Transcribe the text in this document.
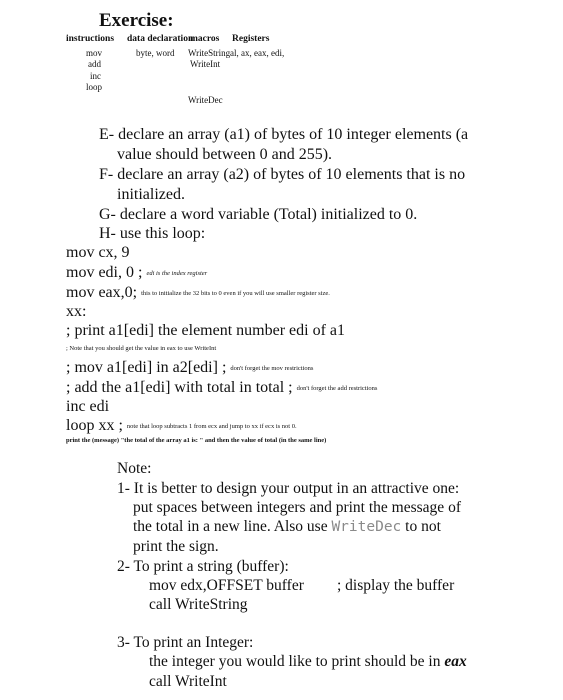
Exercise:
instructions data declaration
macros Registers
mov
add
inc
loop
byte, word WriteString
WriteInt
WriteDec
al, ax, eax, edi,
E- declare an array (a1) of bytes of 10 integer elements (a
value should between 0 and 255).
F- declare an array (a2) of bytes of 10 elements that is no
initialized.
G- declare a word variable (Total) initialized to 0.
H- use this loop:
mov cx, 9
mov edi, 0 ; edi is the index register
mov eax,0; this to initialize the 32 bits to 0 even if you will use smaller register size.
xx:
; print a1[edi] the element number edi of a1
; Note that you should get the value in eax to use WriteInt
; mov a1[edi] in a2[edi] ; don't forget the mov restrictions
; add the a1[edi] with total in total ; don't forget the add restrictions
inc edi
loop xx ; note that loop subtracts 1 from ecx and jump to xx if ecx is not 0.
print the (message) "the total of the array a1 is: " and then the value of total (in the same line)
Note:
1- It is better to design your output in an attractive one:
put spaces between integers and print the message of
the total in a new line. Also use WriteDec to not
print the sign.
2- To print a string (buffer):
mov edx,OFFSET buffer ; display the buffer
call WriteString
3- To print an Integer:
the integer you would like to print should be in eax
call WriteInt
